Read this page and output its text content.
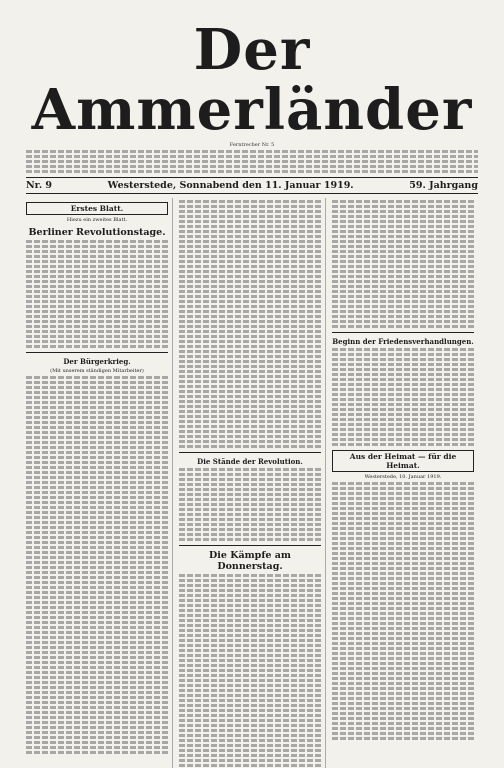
Der Ammerländer
Ferntrecher Nr. 5
Nr. 9	Westerstede, Sonnabend den 11. Januar 1919.	59. Jahrgang
Erstes Blatt.
Hiezu ein zweites Blatt.
Berliner Revolutionstage.
Der Bürgerkrieg.
(Mit unserem ständigen Mitarbeiter)
Die Stände der Revolution.
Die Kämpfe am Donnerstag.
Beginn der Friedensverhandlungen.
Aus der Heimat — für die Heimat.
Westerstede, 10. Januar 1919.
